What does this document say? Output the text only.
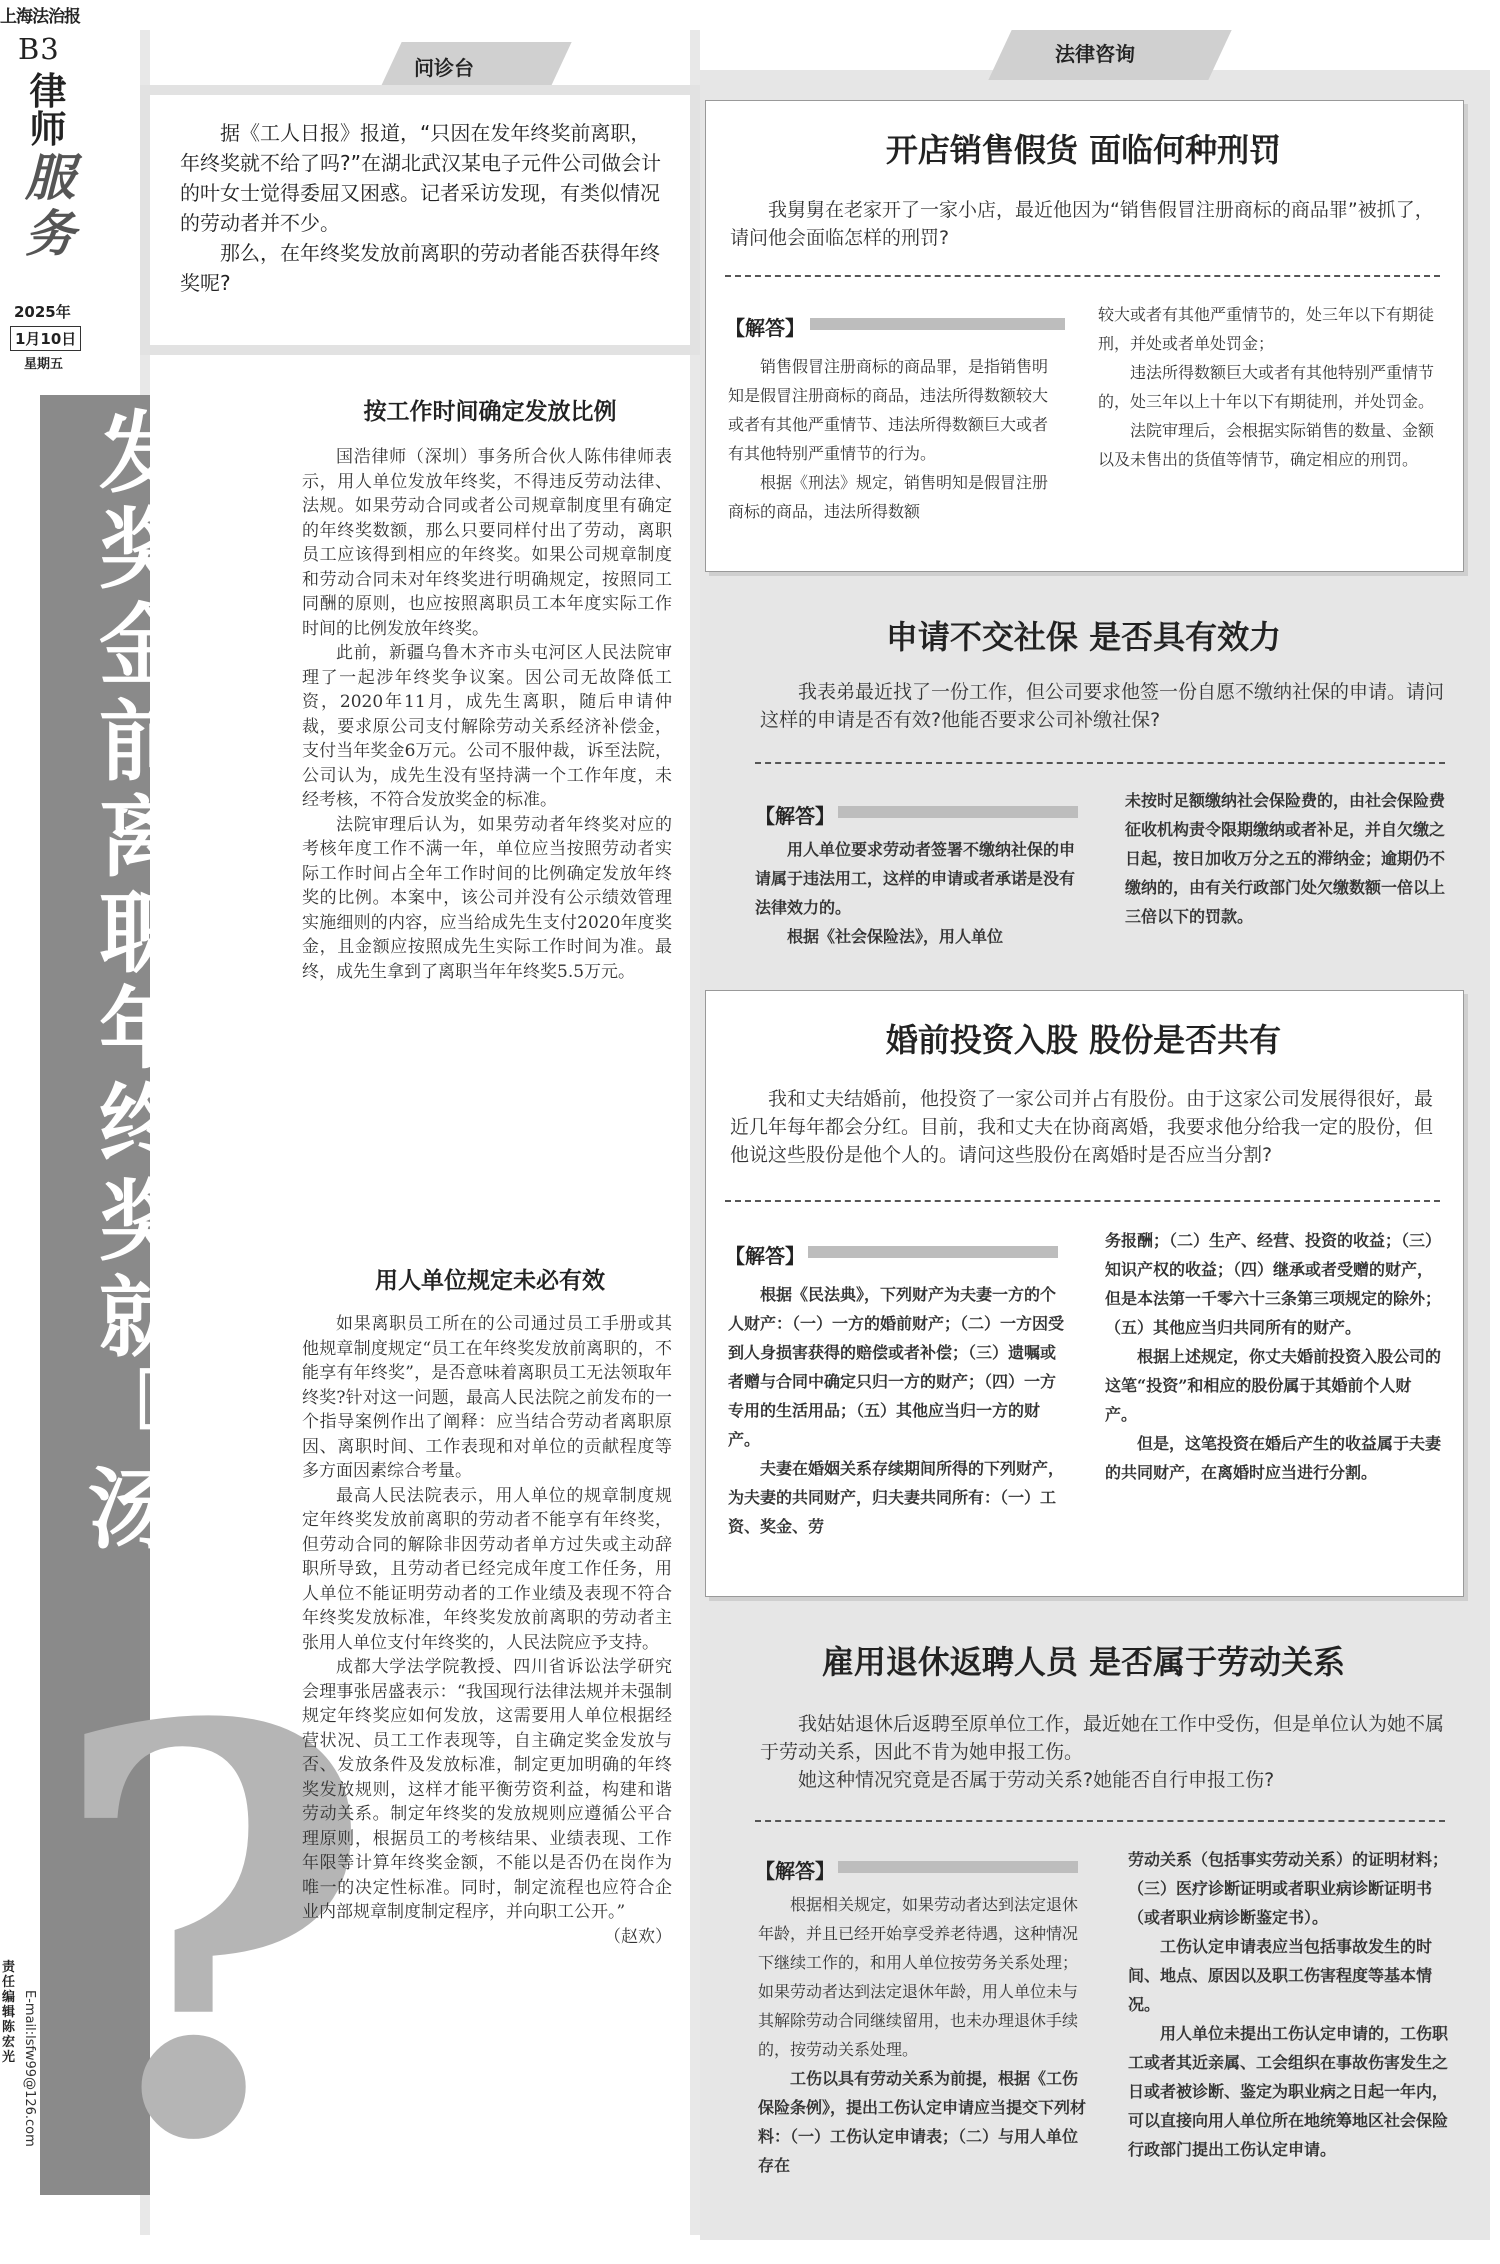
上海法治报
B3
律师
服务
2025年
1月10日
星期五
?
发奖金前离职年终奖就『泡汤』
问诊台

据《工人日报》报道，“只因在发年终奖前离职，年终奖就不给了吗?”在湖北武汉某电子元件公司做会计的叶女士觉得委屈又困惑。记者采访发现，有类似情况的劳动者并不少。

那么，在年终奖发放前离职的劳动者能否获得年终奖呢?

按工作时间确定发放比例

国浩律师（深圳）事务所合伙人陈伟律师表示，用人单位发放年终奖，不得违反劳动法律、法规。如果劳动合同或者公司规章制度里有确定的年终奖数额，那么只要同样付出了劳动，离职员工应该得到相应的年终奖。如果公司规章制度和劳动合同未对年终奖进行明确规定，按照同工同酬的原则，也应按照离职员工本年度实际工作时间的比例发放年终奖。

此前，新疆乌鲁木齐市头屯河区人民法院审理了一起涉年终奖争议案。因公司无故降低工资，2020年11月，成先生离职，随后申请仲裁，要求原公司支付解除劳动关系经济补偿金，支付当年奖金6万元。公司不服仲裁，诉至法院，公司认为，成先生没有坚持满一个工作年度，未经考核，不符合发放奖金的标准。

法院审理后认为，如果劳动者年终奖对应的考核年度工作不满一年，单位应当按照劳动者实际工作时间占全年工作时间的比例确定发放年终奖的比例。本案中，该公司并没有公示绩效管理实施细则的内容，应当给成先生支付2020年度奖金，且金额应按照成先生实际工作时间为准。最终，成先生拿到了离职当年年终奖5.5万元。

用人单位规定未必有效

如果离职员工所在的公司通过员工手册或其他规章制度规定“员工在年终奖发放前离职的，不能享有年终奖”，是否意味着离职员工无法领取年终奖?针对这一问题，最高人民法院之前发布的一个指导案例作出了阐释：应当结合劳动者离职原因、离职时间、工作表现和对单位的贡献程度等多方面因素综合考量。

最高人民法院表示，用人单位的规章制度规定年终奖发放前离职的劳动者不能享有年终奖，但劳动合同的解除非因劳动者单方过失或主动辞职所导致，且劳动者已经完成年度工作任务，用人单位不能证明劳动者的工作业绩及表现不符合年终奖发放标准，年终奖发放前离职的劳动者主张用人单位支付年终奖的，人民法院应予支持。

成都大学法学院教授、四川省诉讼法学研究会理事张居盛表示：“我国现行法律法规并未强制规定年终奖应如何发放，这需要用人单位根据经营状况、员工工作表现等，自主确定奖金发放与否、发放条件及发放标准，制定更加明确的年终奖发放规则，这样才能平衡劳资利益，构建和谐劳动关系。制定年终奖的发放规则应遵循公平合理原则，根据员工的考核结果、业绩表现、工作年限等计算年终奖金额，不能以是否仍在岗作为唯一的决定性标准。同时，制定流程也应符合企业内部规章制度制定程序，并向职工公开。”

（赵欢）
法律咨询
开店销售假货 面临何种刑罚

我舅舅在老家开了一家小店，最近他因为“销售假冒注册商标的商品罪”被抓了，请问他会面临怎样的刑罚?

【解答】

销售假冒注册商标的商品罪，是指销售明知是假冒注册商标的商品，违法所得数额较大或者有其他严重情节、违法所得数额巨大或者有其他特别严重情节的行为。

根据《刑法》规定，销售明知是假冒注册商标的商品，违法所得数额

较大或者有其他严重情节的，处三年以下有期徒刑，并处或者单处罚金；

违法所得数额巨大或者有其他特别严重情节的，处三年以上十年以下有期徒刑，并处罚金。

法院审理后，会根据实际销售的数量、金额以及未售出的货值等情节，确定相应的刑罚。

申请不交社保 是否具有效力

我表弟最近找了一份工作，但公司要求他签一份自愿不缴纳社保的申请。请问这样的申请是否有效?他能否要求公司补缴社保?

【解答】

用人单位要求劳动者签署不缴纳社保的申请属于违法用工，这样的申请或者承诺是没有法律效力的。

根据《社会保险法》，用人单位

未按时足额缴纳社会保险费的，由社会保险费征收机构责令限期缴纳或者补足，并自欠缴之日起，按日加收万分之五的滞纳金；逾期仍不缴纳的，由有关行政部门处欠缴数额一倍以上三倍以下的罚款。
婚前投资入股 股份是否共有

我和丈夫结婚前，他投资了一家公司并占有股份。由于这家公司发展得很好，最近几年每年都会分红。目前，我和丈夫在协商离婚，我要求他分给我一定的股份，但他说这些股份是他个人的。请问这些股份在离婚时是否应当分割?

【解答】

根据《民法典》，下列财产为夫妻一方的个人财产：（一）一方的婚前财产；（二）一方因受到人身损害获得的赔偿或者补偿；（三）遗嘱或者赠与合同中确定只归一方的财产；（四）一方专用的生活用品；（五）其他应当归一方的财产。

夫妻在婚姻关系存续期间所得的下列财产，为夫妻的共同财产，归夫妻共同所有：（一）工资、奖金、劳

务报酬；（二）生产、经营、投资的收益；（三）知识产权的收益；（四）继承或者受赠的财产，但是本法第一千零六十三条第三项规定的除外；（五）其他应当归共同所有的财产。

根据上述规定，你丈夫婚前投资入股公司的这笔“投资”和相应的股份属于其婚前个人财产。

但是，这笔投资在婚后产生的收益属于夫妻的共同财产，在离婚时应当进行分割。

雇用退休返聘人员 是否属于劳动关系

我姑姑退休后返聘至原单位工作，最近她在工作中受伤，但是单位认为她不属于劳动关系，因此不肯为她申报工伤。

她这种情况究竟是否属于劳动关系?她能否自行申报工伤?

【解答】

根据相关规定，如果劳动者达到法定退休年龄，并且已经开始享受养老待遇，这种情况下继续工作的，和用人单位按劳务关系处理；如果劳动者达到法定退休年龄，用人单位未与其解除劳动合同继续留用，也未办理退休手续的，按劳动关系处理。

工伤以具有劳动关系为前提，根据《工伤保险条例》，提出工伤认定申请应当提交下列材料：（一）工伤认定申请表；（二）与用人单位存在

劳动关系（包括事实劳动关系）的证明材料；（三）医疗诊断证明或者职业病诊断证明书（或者职业病诊断鉴定书）。

工伤认定申请表应当包括事故发生的时间、地点、原因以及职工伤害程度等基本情况。

用人单位未提出工伤认定申请的，工伤职工或者其近亲属、工会组织在事故伤害发生之日或者被诊断、鉴定为职业病之日起一年内，可以直接向用人单位所在地统筹地区社会保险行政部门提出工伤认定申请。

责任编辑 陈宏光 E-mail:lsfw99@126.com
